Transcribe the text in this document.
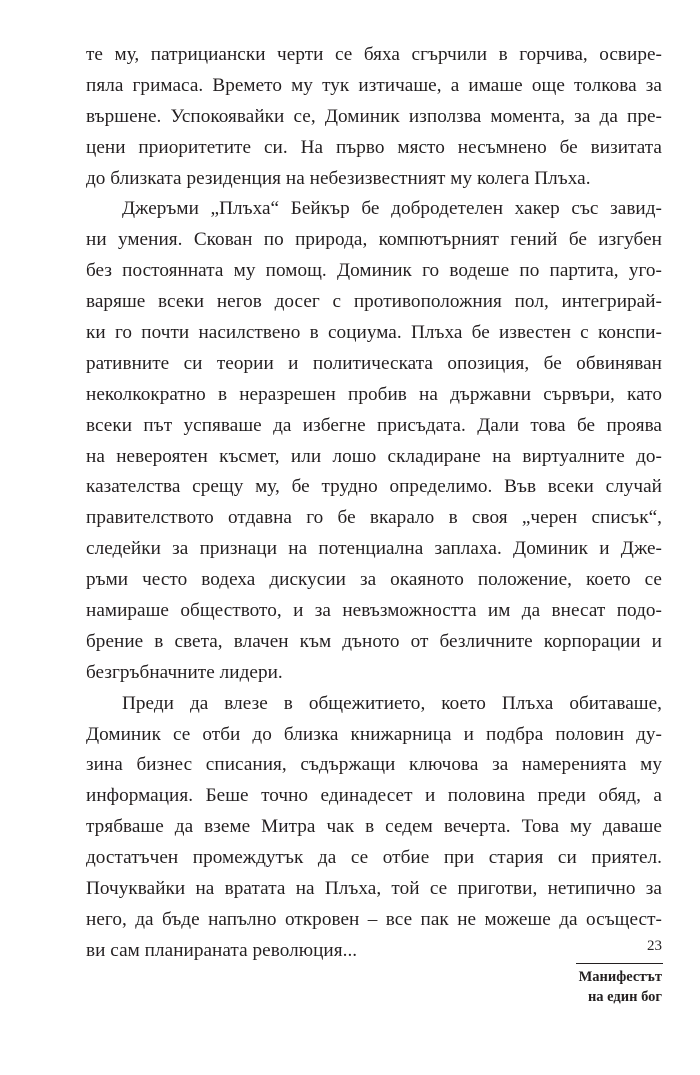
те му, патрициански черти се бяха сгърчили в горчива, освире-
пяла гримаса. Времето му тук изтичаше, а имаше още толкова за
вършене. Успокоявайки се, Доминик използва момента, за да пре-
цени приоритетите си. На първо място несъмнено бе визитата
до близката резиденция на небезизвестният му колега Плъха.
Джеръми „Плъха“ Бейкър бе добродетелен хакер със завид-
ни умения. Скован по природа, компютърният гений бе изгубен
без постоянната му помощ. Доминик го водеше по партита, уго-
варяше всеки негов досег с противоположния пол, интегрирай-
ки го почти насилствено в социума. Плъха бе известен с конспи-
ративните си теории и политическата опозиция, бе обвиняван
неколкократно в неразрешен пробив на държавни сървъри, като
всеки път успяваше да избегне присъдата. Дали това бе проява
на невероятен късмет, или лошо складиране на виртуалните до-
казателства срещу му, бе трудно определимо. Във всеки случай
правителството отдавна го бе вкарало в своя „черен списък“,
следейки за признаци на потенциална заплаха. Доминик и Дже-
ръми често водеха дискусии за окаяното положение, което се
намираше обществото, и за невъзможността им да внесат подо-
брение в света, влачен към дъното от безличните корпорации и
безгръбначните лидери.
Преди да влезе в общежитието, което Плъха обитаваше,
Доминик се отби до близка книжарница и подбра половин ду-
зина бизнес списания, съдържащи ключова за намеренията му
информация. Беше точно единадесет и половина преди обяд, а
трябваше да вземе Митра чак в седем вечерта. Това му даваше
достатъчен промеждутък да се отбие при стария си приятел.
Почуквайки на вратата на Плъха, той се приготви, нетипично за
него, да бъде напълно откровен – все пак не можеше да осъщест-
ви сам планираната революция...	23
Манифестът
на един бог
